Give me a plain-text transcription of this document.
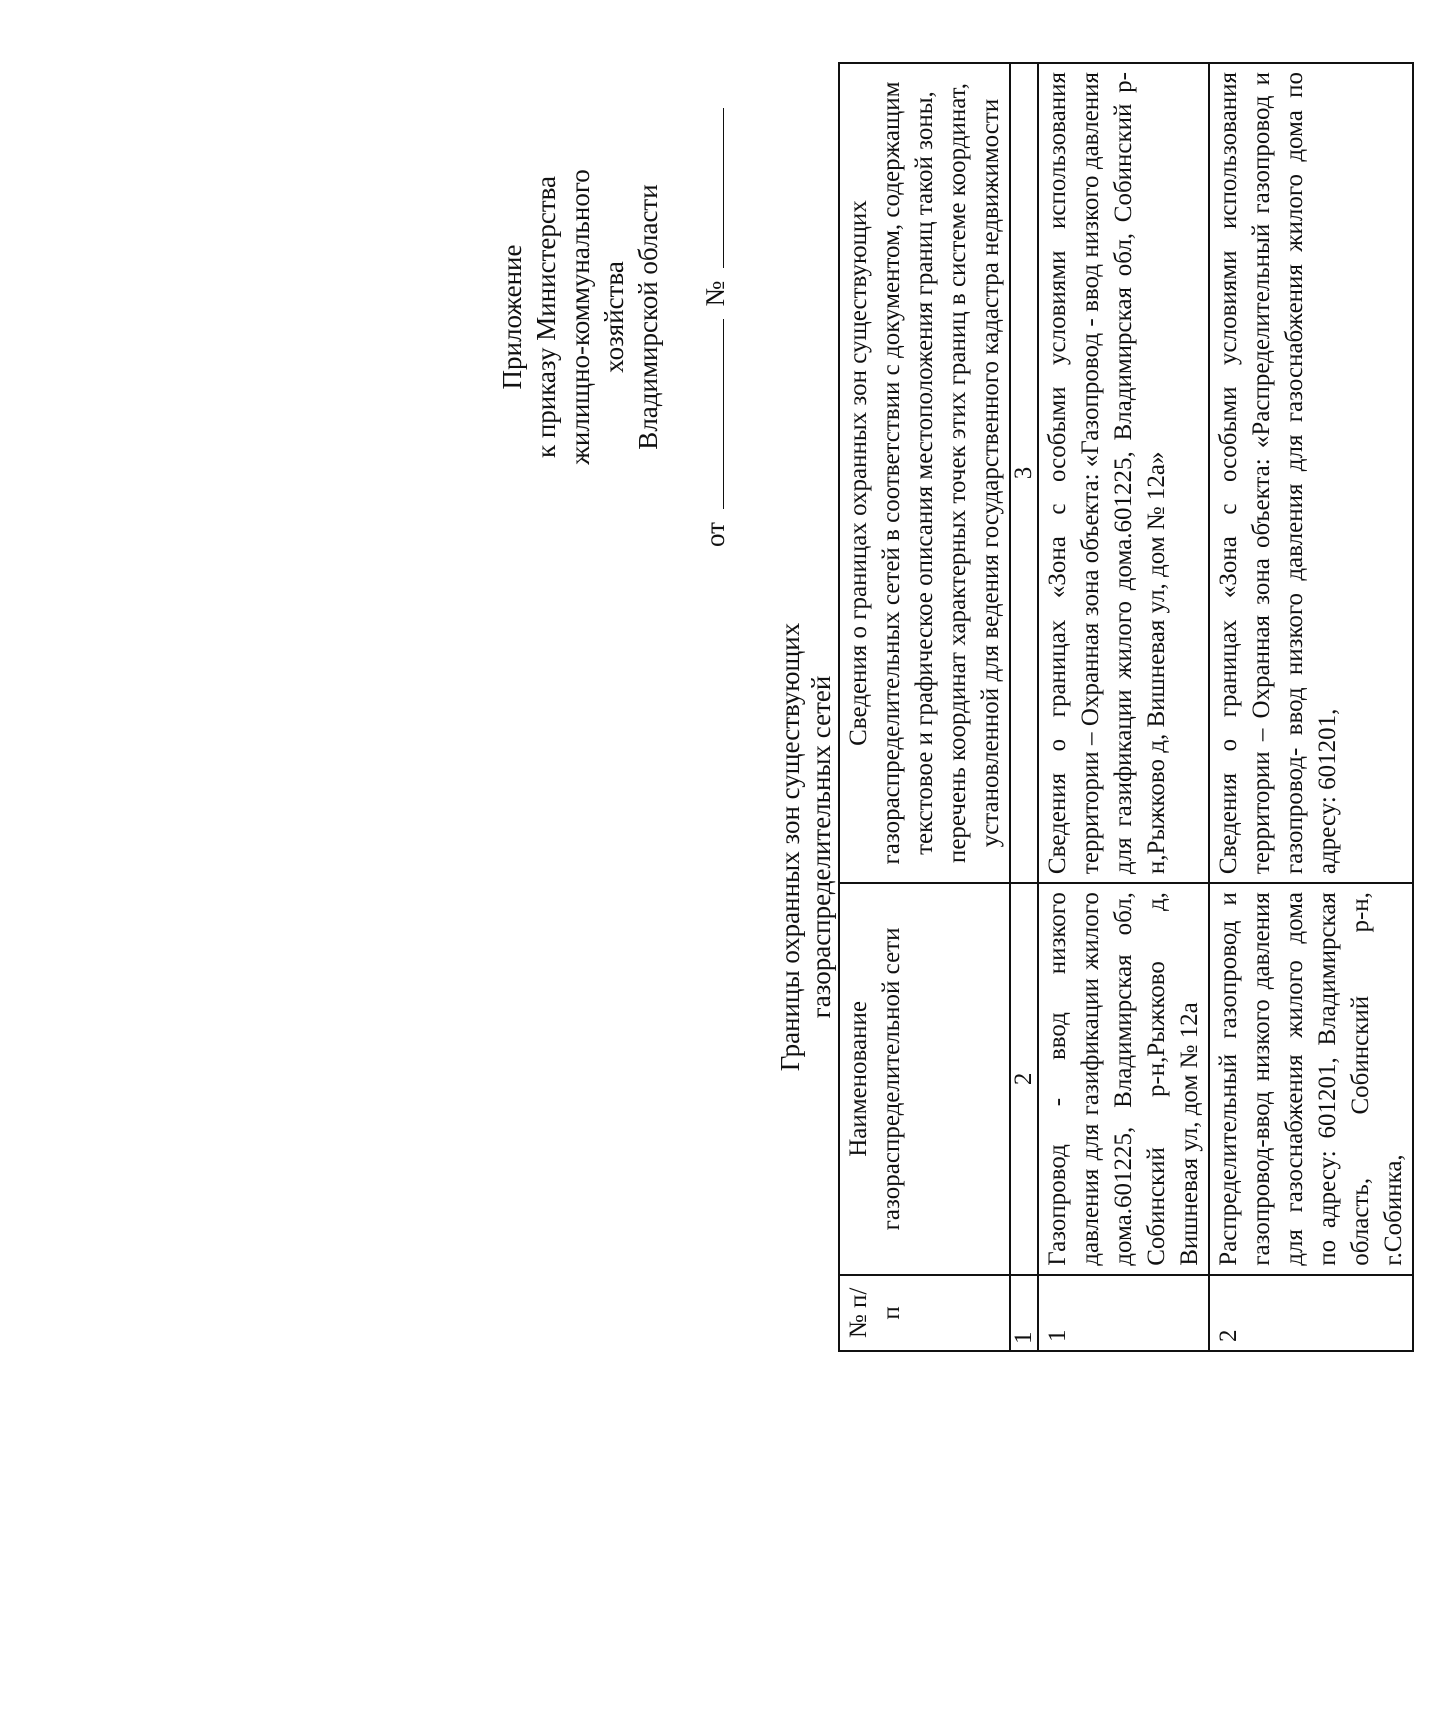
Приложение к приказу Министерства жилищно-коммунального хозяйства Владимирской области
от  №
Границы охранных зон существующих газораспределительных сетей
№ п/п	Наименование газораспределительной сети	Сведения о границах охранных зон существующих газораспределительных сетей в соответствии с документом, содержащим текстовое и графическое описания местоположения границ такой зоны, перечень координат характерных точек этих границ в системе координат, установленной для ведения государственного кадастра недвижимости
1	2	3
1	Газопровод - ввод низкого давления для газификации жилого дома.601225, Владимирская обл, Собинский р-н,Рыжково д, Вишневая ул, дом № 12а	Сведения о границах «Зона с особыми условиями использования территории – Охранная зона объекта: «Газопровод - ввод низкого давления для газификации жилого дома.601225, Владимирская обл, Собинский р-н,Рыжково д, Вишневая ул, дом № 12а»
2	Распределительный газопровод и газопровод-ввод низкого давления для газоснабжения жилого дома по адресу: 601201, Владимирская область, Собинский р-н, г.Собинка,	Сведения о границах «Зона с особыми условиями использования территории – Охранная зона объекта: «Распределительный газопровод и газопровод- ввод низкого давления для газоснабжения жилого дома по адресу: 601201,
